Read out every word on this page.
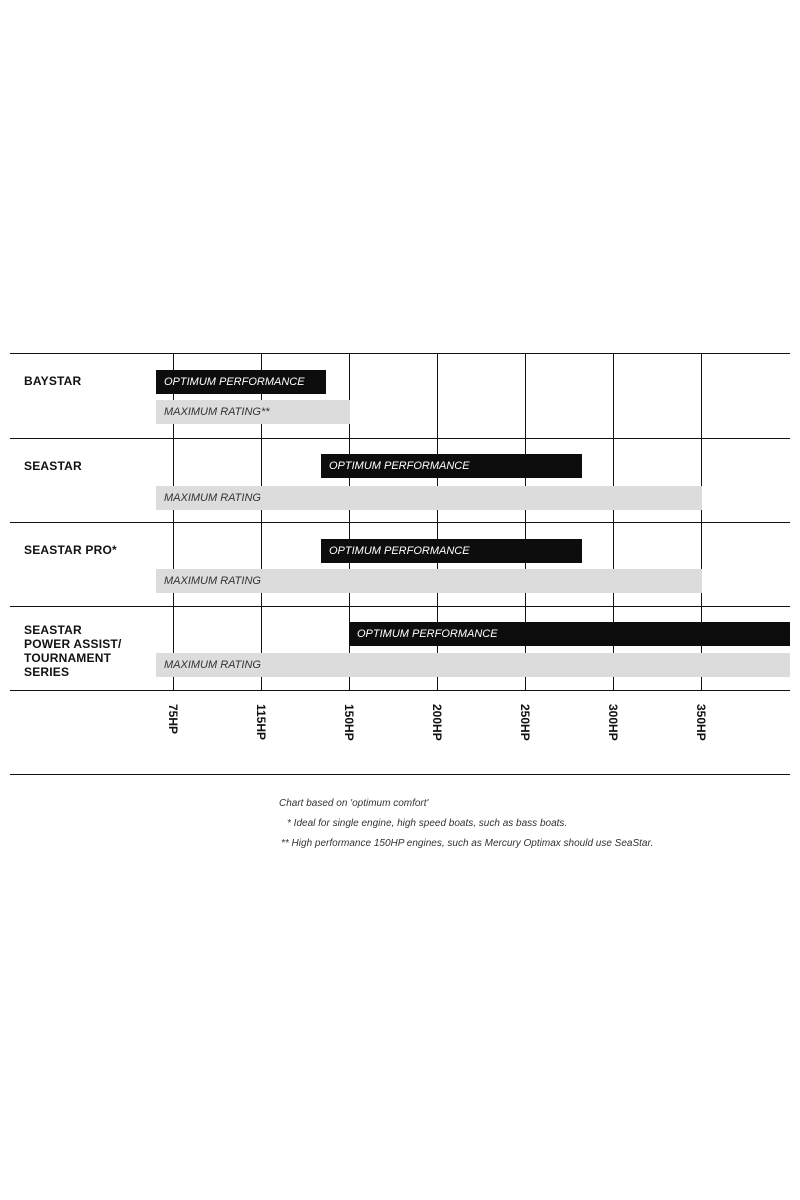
BAYSTAR	OPTIMUM PERFORMANCE
MAXIMUM RATING**
SEASTAR	OPTIMUM PERFORMANCE
MAXIMUM RATING
SEASTAR PRO*	OPTIMUM PERFORMANCE
MAXIMUM RATING
SEASTAR
POWER ASSIST/
TOURNAMENT
SERIES
OPTIMUM PERFORMANCE
MAXIMUM RATING
75HP	115HP	150HP	200HP	250HP	300HP	350HP
Chart based on 'optimum comfort'
* Ideal for single engine, high speed boats, such as bass boats.
** High performance 150HP engines, such as Mercury Optimax should use SeaStar.
